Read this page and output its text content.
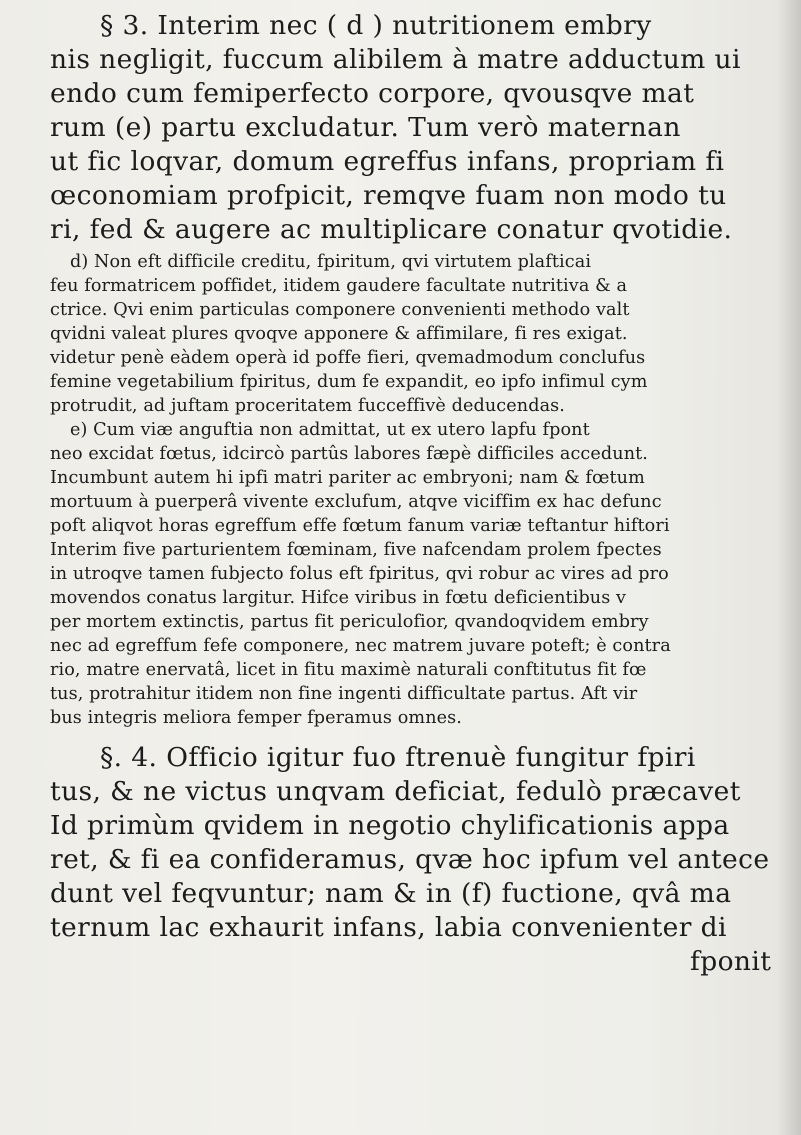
§ 3. Interim nec ( d ) nutritionem embry
nis negligit, fuccum alibilem à matre adductum ui
endo cum femiperfecto corpore, qvousqve mat
rum (e) partu excludatur. Tum verò maternan
ut fic loqvar, domum egreffus infans, propriam fi
œconomiam profpicit, remqve fuam non modo tu
ri, fed & augere ac multiplicare conatur qvotidie.
d) Non eft difficile creditu, fpiritum, qvi virtutem plafticai
feu formatricem poffidet, itidem gaudere facultate nutritiva & a
ctrice. Qvi enim particulas componere convenienti methodo valt
qvidni valeat plures qvoqve apponere & affimilare, fi res exigat.
videtur penè eàdem operà id poffe fieri, qvemadmodum conclufus
femine vegetabilium fpiritus, dum fe expandit, eo ipfo infimul cym
protrudit, ad juftam proceritatem fucceffivè deducendas.
e) Cum viæ anguftia non admittat, ut ex utero lapfu fpont
neo excidat fœtus, idcircò partûs labores fæpè difficiles accedunt.
Incumbunt autem hi ipfi matri pariter ac embryoni; nam & fœtum
mortuum à puerperâ vivente exclufum, atqve viciffim ex hac defunc
poft aliqvot horas egreffum effe fœtum fanum variæ teftantur hiftori
Interim five parturientem fœminam, five nafcendam prolem fpectes
in utroqve tamen fubjecto folus eft fpiritus, qvi robur ac vires ad pro
movendos conatus largitur. Hifce viribus in fœtu deficientibus v
per mortem extinctis, partus fit periculofior, qvandoqvidem embry
nec ad egreffum fefe componere, nec matrem juvare poteft; è contra
rio, matre enervatâ, licet in fitu maximè naturali conftitutus fit fœ
tus, protrahitur itidem non fine ingenti difficultate partus. Aft vir
bus integris meliora femper fperamus omnes.
§. 4. Officio igitur fuo ftrenuè fungitur fpiri
tus, & ne victus unqvam deficiat, fedulò præcavet
Id primùm qvidem in negotio chylificationis appa
ret, & fi ea confideramus, qvæ hoc ipfum vel antece
dunt vel feqvuntur; nam & in (f) fuctione, qvâ ma
ternum lac exhaurit infans, labia convenienter di
fponit
